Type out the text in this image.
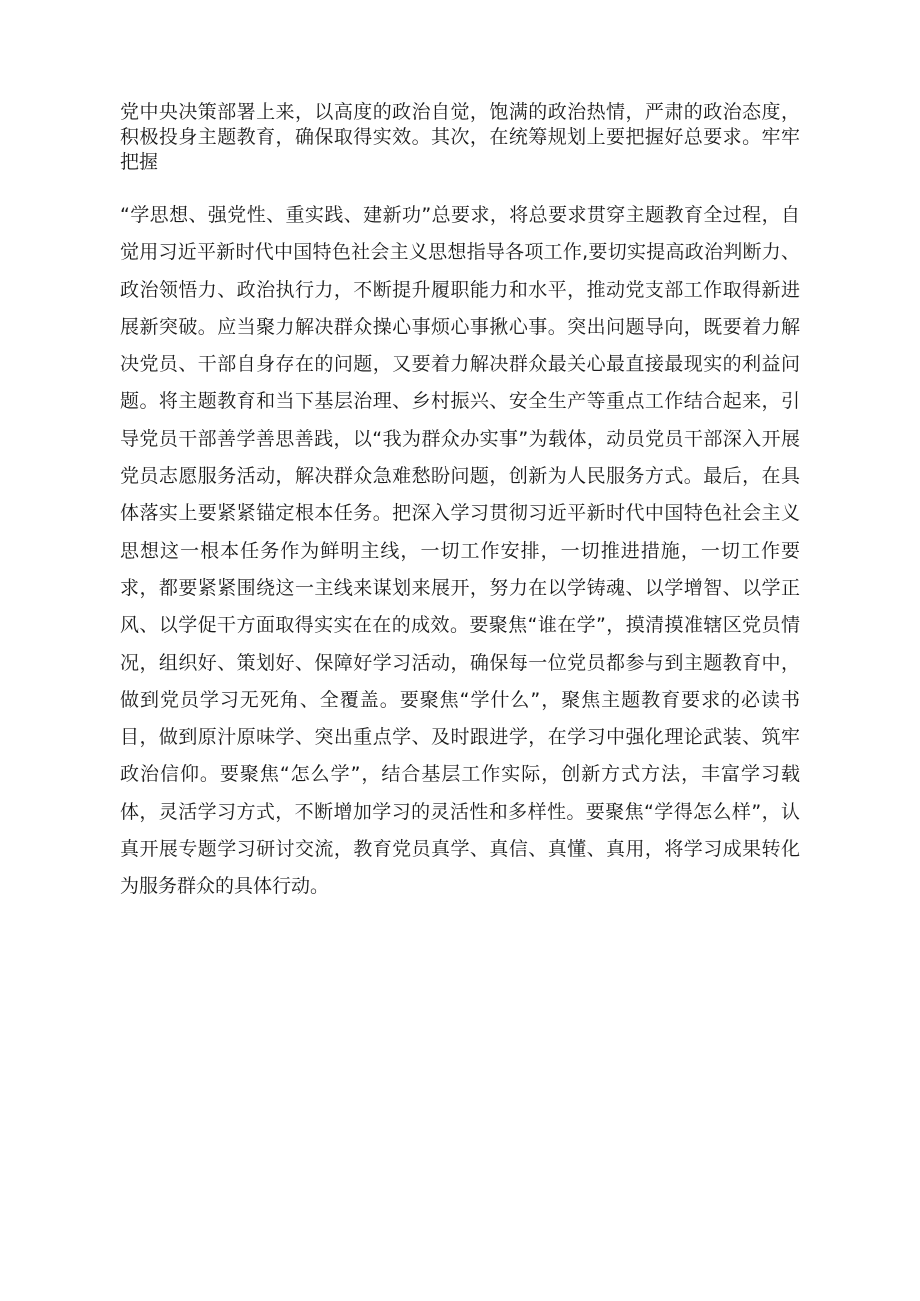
党中央决策部署上来，以高度的政治自觉，饱满的政治热情，严肃的政治态度，积极投身主题教育，确保取得实效。其次，在统筹规划上要把握好总要求。牢牢把握

“学思想、强党性、重实践、建新功”总要求，将总要求贯穿主题教育全过程，自觉用习近平新时代中国特色社会主义思想指导各项工作,要切实提高政治判断力、政治领悟力、政治执行力，不断提升履职能力和水平，推动党支部工作取得新进展新突破。应当聚力解决群众操心事烦心事揪心事。突出问题导向，既要着力解决党员、干部自身存在的问题，又要着力解决群众最关心最直接最现实的利益问题。将主题教育和当下基层治理、乡村振兴、安全生产等重点工作结合起来，引导党员干部善学善思善践，以“我为群众办实事”为载体，动员党员干部深入开展党员志愿服务活动，解决群众急难愁盼问题，创新为人民服务方式。最后，在具体落实上要紧紧锚定根本任务。把深入学习贯彻习近平新时代中国特色社会主义思想这一根本任务作为鲜明主线，一切工作安排，一切推进措施，一切工作要求，都要紧紧围绕这一主线来谋划来展开，努力在以学铸魂、以学增智、以学正风、以学促干方面取得实实在在的成效。要聚焦“谁在学”，摸清摸准辖区党员情况，组织好、策划好、保障好学习活动，确保每一位党员都参与到主题教育中，做到党员学习无死角、全覆盖。要聚焦“学什么”，聚焦主题教育要求的必读书目，做到原汁原味学、突出重点学、及时跟进学，在学习中强化理论武装、筑牢政治信仰。要聚焦“怎么学”，结合基层工作实际，创新方式方法，丰富学习载体，灵活学习方式，不断增加学习的灵活性和多样性。要聚焦“学得怎么样”，认真开展专题学习研讨交流，教育党员真学、真信、真懂、真用，将学习成果转化为服务群众的具体行动。
